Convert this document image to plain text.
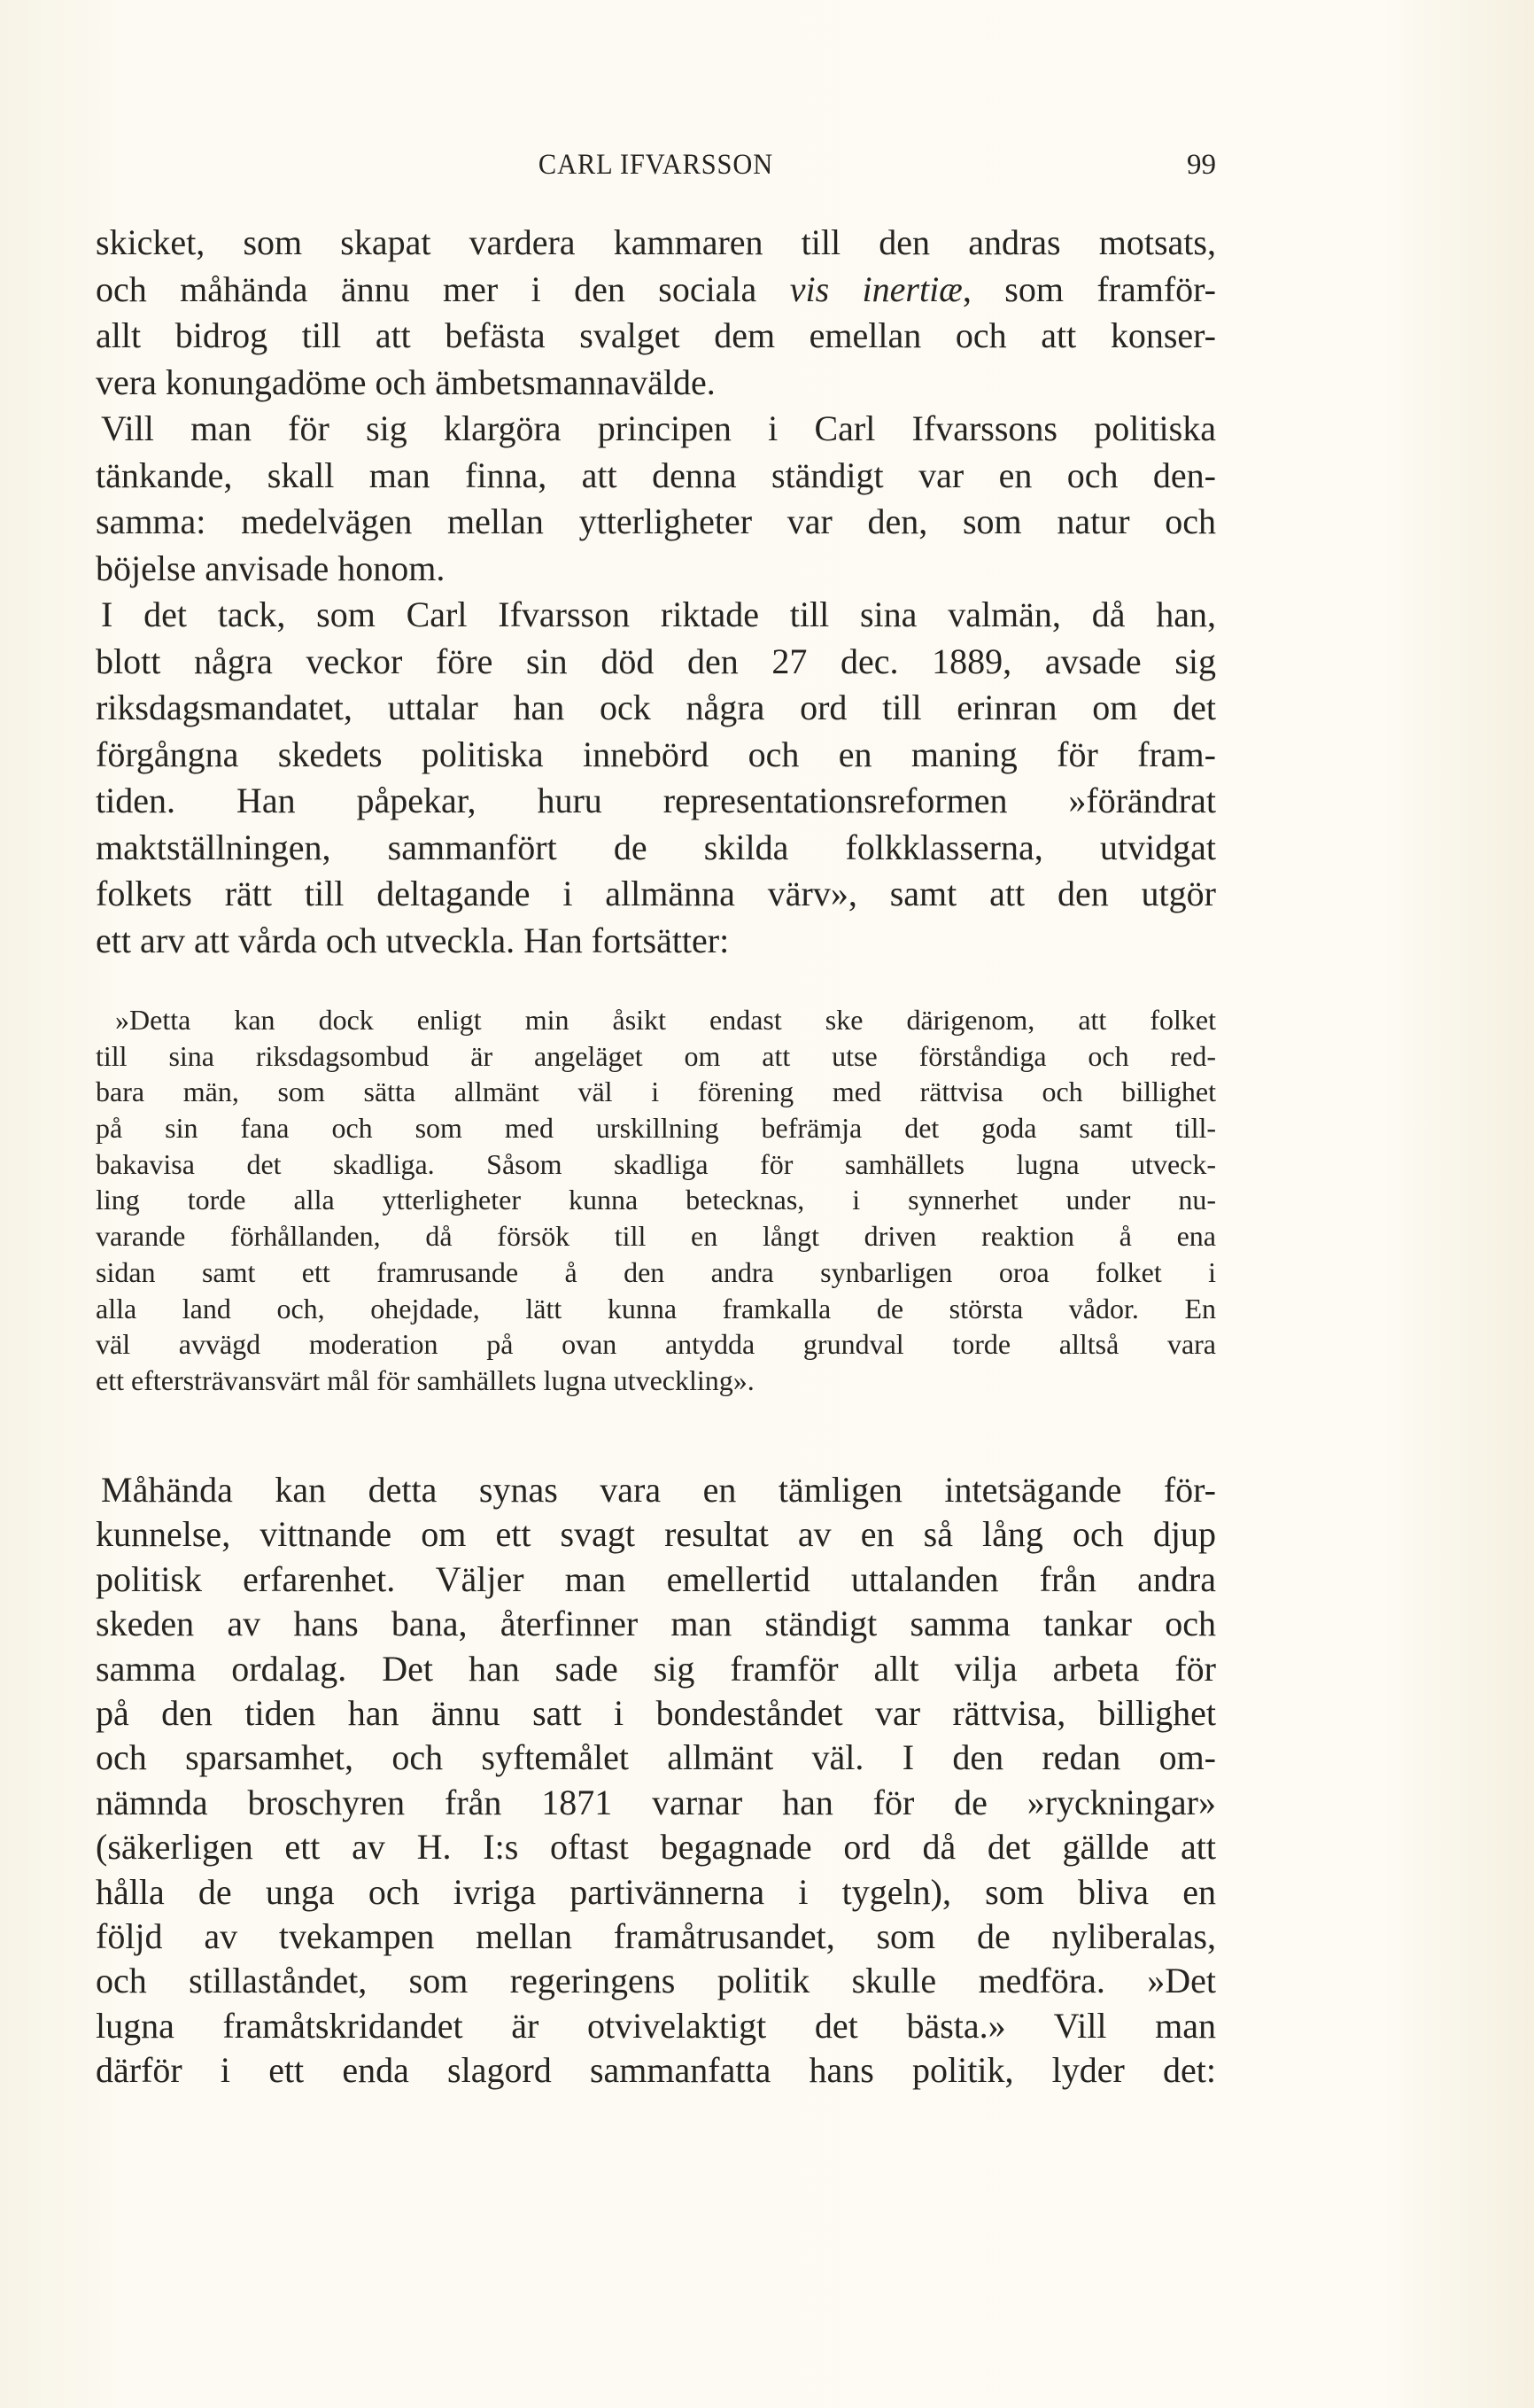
CARL IFVARSSON	99
skicket, som skapat vardera kammaren till den andras motsats,
och måhända ännu mer i den sociala vis inertiæ, som framför-
allt bidrog till att befästa svalget dem emellan och att konser-
vera konungadöme och ämbetsmannavälde.
Vill man för sig klargöra principen i Carl Ifvarssons politiska
tänkande, skall man finna, att denna ständigt var en och den-
samma: medelvägen mellan ytterligheter var den, som natur och
böjelse anvisade honom.
I det tack, som Carl Ifvarsson riktade till sina valmän, då han,
blott några veckor före sin död den 27 dec. 1889, avsade sig
riksdagsmandatet, uttalar han ock några ord till erinran om det
förgångna skedets politiska innebörd och en maning för fram-
tiden. Han påpekar, huru representationsreformen »förändrat
maktställningen, sammanfört de skilda folkklasserna, utvidgat
folkets rätt till deltagande i allmänna värv», samt att den utgör
ett arv att vårda och utveckla. Han fortsätter:
»Detta kan dock enligt min åsikt endast ske därigenom, att folket
till sina riksdagsombud är angeläget om att utse förståndiga och red-
bara män, som sätta allmänt väl i förening med rättvisa och billighet
på sin fana och som med urskillning befrämja det goda samt till-
bakavisa det skadliga. Såsom skadliga för samhällets lugna utveck-
ling torde alla ytterligheter kunna betecknas, i synnerhet under nu-
varande förhållanden, då försök till en långt driven reaktion å ena
sidan samt ett framrusande å den andra synbarligen oroa folket i
alla land och, ohejdade, lätt kunna framkalla de största vådor. En
väl avvägd moderation på ovan antydda grundval torde alltså vara
ett eftersträvansvärt mål för samhällets lugna utveckling».
Måhända kan detta synas vara en tämligen intetsägande för-
kunnelse, vittnande om ett svagt resultat av en så lång och djup
politisk erfarenhet. Väljer man emellertid uttalanden från andra
skeden av hans bana, återfinner man ständigt samma tankar och
samma ordalag. Det han sade sig framför allt vilja arbeta för
på den tiden han ännu satt i bondeståndet var rättvisa, billighet
och sparsamhet, och syftemålet allmänt väl. I den redan om-
nämnda broschyren från 1871 varnar han för de »ryckningar»
(säkerligen ett av H. I:s oftast begagnade ord då det gällde att
hålla de unga och ivriga partivännerna i tygeln), som bliva en
följd av tvekampen mellan framåtrusandet, som de nyliberalas,
och stillaståndet, som regeringens politik skulle medföra. »Det
lugna framåtskridandet är otvivelaktigt det bästa.» Vill man
därför i ett enda slagord sammanfatta hans politik, lyder det:
